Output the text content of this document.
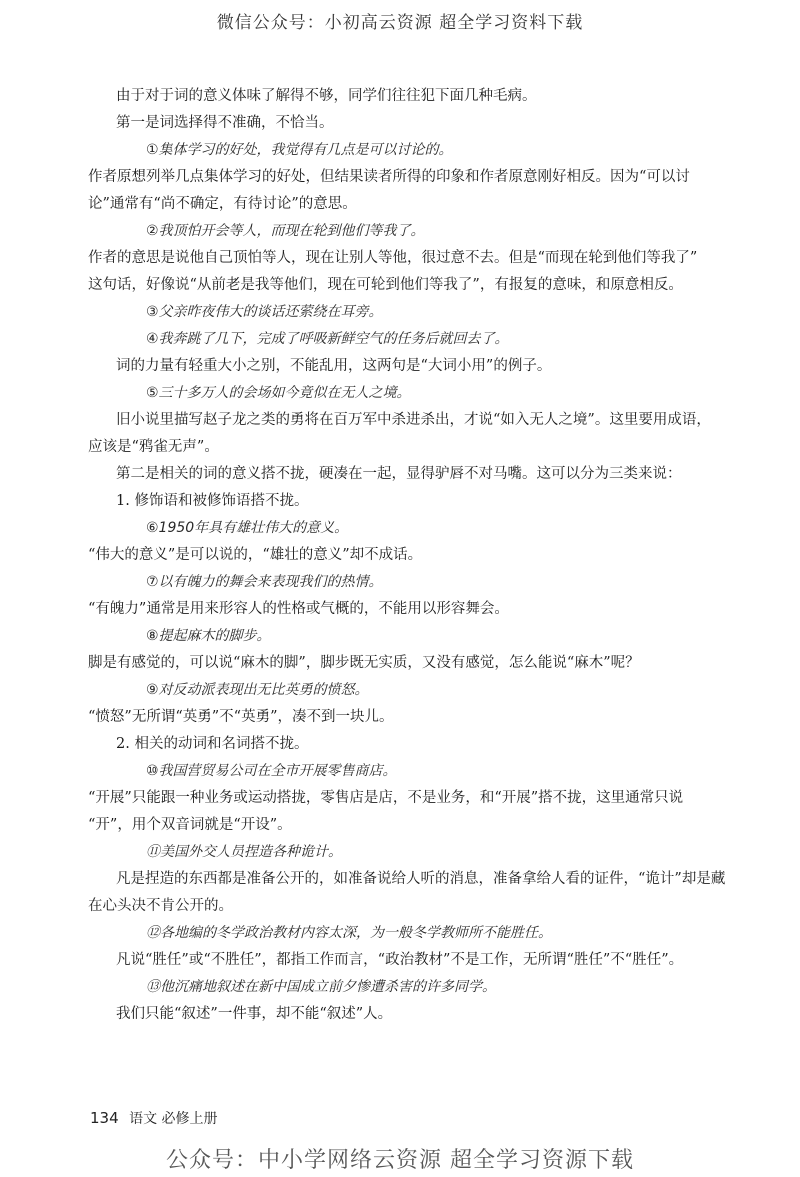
微信公众号：小初高云资源 超全学习资料下载
由于对于词的意义体味了解得不够，同学们往往犯下面几种毛病。
第一是词选择得不准确，不恰当。
①集体学习的好处，我觉得有几点是可以讨论的。
作者原想列举几点集体学习的好处，但结果读者所得的印象和作者原意刚好相反。因为“可以讨
论”通常有“尚不确定，有待讨论”的意思。
②我顶怕开会等人，而现在轮到他们等我了。
作者的意思是说他自己顶怕等人，现在让别人等他，很过意不去。但是“而现在轮到他们等我了”
这句话，好像说“从前老是我等他们，现在可轮到他们等我了”，有报复的意味，和原意相反。
③父亲昨夜伟大的谈话还萦绕在耳旁。
④我奔跳了几下，完成了呼吸新鲜空气的任务后就回去了。
词的力量有轻重大小之别，不能乱用，这两句是“大词小用”的例子。
⑤三十多万人的会场如今竟似在无人之境。
旧小说里描写赵子龙之类的勇将在百万军中杀进杀出，才说“如入无人之境”。这里要用成语，
应该是“鸦雀无声”。
第二是相关的词的意义搭不拢，硬凑在一起，显得驴唇不对马嘴。这可以分为三类来说：
1. 修饰语和被修饰语搭不拢。
⑥1950年具有雄壮伟大的意义。
“伟大的意义”是可以说的，“雄壮的意义”却不成话。
⑦以有魄力的舞会来表现我们的热情。
“有魄力”通常是用来形容人的性格或气概的，不能用以形容舞会。
⑧提起麻木的脚步。
脚是有感觉的，可以说“麻木的脚”，脚步既无实质，又没有感觉，怎么能说“麻木”呢？
⑨对反动派表现出无比英勇的愤怒。
“愤怒”无所谓“英勇”不“英勇”，凑不到一块儿。
2. 相关的动词和名词搭不拢。
⑩我国营贸易公司在全市开展零售商店。
“开展”只能跟一种业务或运动搭拢，零售店是店，不是业务，和“开展”搭不拢，这里通常只说
“开”，用个双音词就是“开设”。
⑪美国外交人员捏造各种诡计。
凡是捏造的东西都是准备公开的，如准备说给人听的消息，准备拿给人看的证件，“诡计”却是藏
在心头决不肯公开的。
⑫各地编的冬学政治教材内容太深，为一般冬学教师所不能胜任。
凡说“胜任”或“不胜任”，都指工作而言，“政治教材”不是工作，无所谓“胜任”不“胜任”。
⑬他沉痛地叙述在新中国成立前夕惨遭杀害的许多同学。
我们只能“叙述”一件事，却不能“叙述”人。
134 语文 必修上册
公众号：中小学网络云资源 超全学习资源下载
